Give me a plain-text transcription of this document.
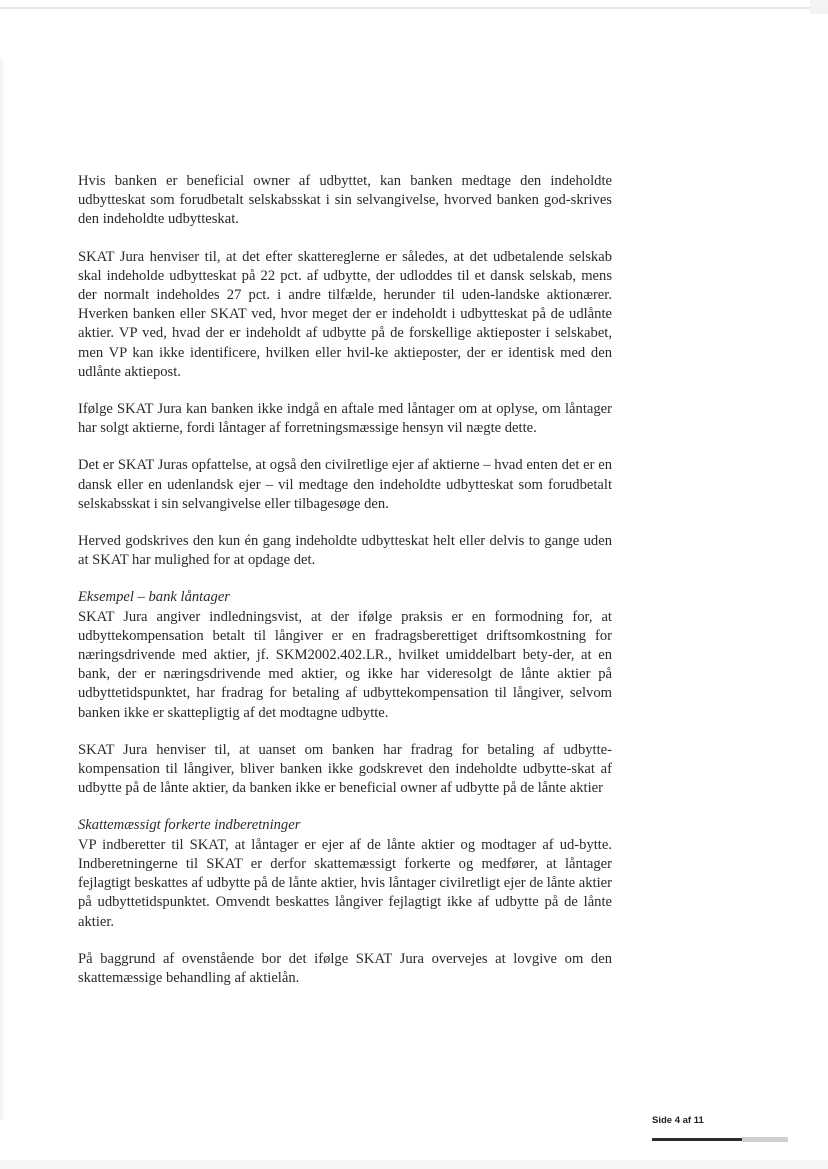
Hvis banken er beneficial owner af udbyttet, kan banken medtage den indeholdte udbytteskat som forudbetalt selskabsskat i sin selvangivelse, hvorved banken god-skrives den indeholdte udbytteskat.

SKAT Jura henviser til, at det efter skattereglerne er således, at det udbetalende selskab skal indeholde udbytteskat på 22 pct. af udbytte, der udloddes til et dansk selskab, mens der normalt indeholdes 27 pct. i andre tilfælde, herunder til uden-landske aktionærer. Hverken banken eller SKAT ved, hvor meget der er indeholdt i udbytteskat på de udlånte aktier. VP ved, hvad der er indeholdt af udbytte på de forskellige aktieposter i selskabet, men VP kan ikke identificere, hvilken eller hvil-ke aktieposter, der er identisk med den udlånte aktiepost.

Ifølge SKAT Jura kan banken ikke indgå en aftale med låntager om at oplyse, om låntager har solgt aktierne, fordi låntager af forretningsmæssige hensyn vil nægte dette.

Det er SKAT Juras opfattelse, at også den civilretlige ejer af aktierne – hvad enten det er en dansk eller en udenlandsk ejer – vil medtage den indeholdte udbytteskat som forudbetalt selskabsskat i sin selvangivelse eller tilbagesøge den.

Herved godskrives den kun én gang indeholdte udbytteskat helt eller delvis to gange uden at SKAT har mulighed for at opdage det.

Eksempel – bank låntager

SKAT Jura angiver indledningsvist, at der ifølge praksis er en formodning for, at udbyttekompensation betalt til långiver er en fradragsberettiget driftsomkostning for næringsdrivende med aktier, jf. SKM2002.402.LR., hvilket umiddelbart bety-der, at en bank, der er næringsdrivende med aktier, og ikke har videresolgt de lånte aktier på udbyttetidspunktet, har fradrag for betaling af udbyttekompensation til långiver, selvom banken ikke er skattepligtig af det modtagne udbytte.

SKAT Jura henviser til, at uanset om banken har fradrag for betaling af udbytte-kompensation til långiver, bliver banken ikke godskrevet den indeholdte udbytte-skat af udbytte på de lånte aktier, da banken ikke er beneficial owner af udbytte på de lånte aktier

Skattemæssigt forkerte indberetninger

VP indberetter til SKAT, at låntager er ejer af de lånte aktier og modtager af ud-bytte. Indberetningerne til SKAT er derfor skattemæssigt forkerte og medfører, at låntager fejlagtigt beskattes af udbytte på de lånte aktier, hvis låntager civilretligt ejer de lånte aktier på udbyttetidspunktet. Omvendt beskattes långiver fejlagtigt ikke af udbytte på de lånte aktier.

På baggrund af ovenstående bor det ifølge SKAT Jura overvejes at lovgive om den skattemæssige behandling af aktielån.

Side 4 af 11
